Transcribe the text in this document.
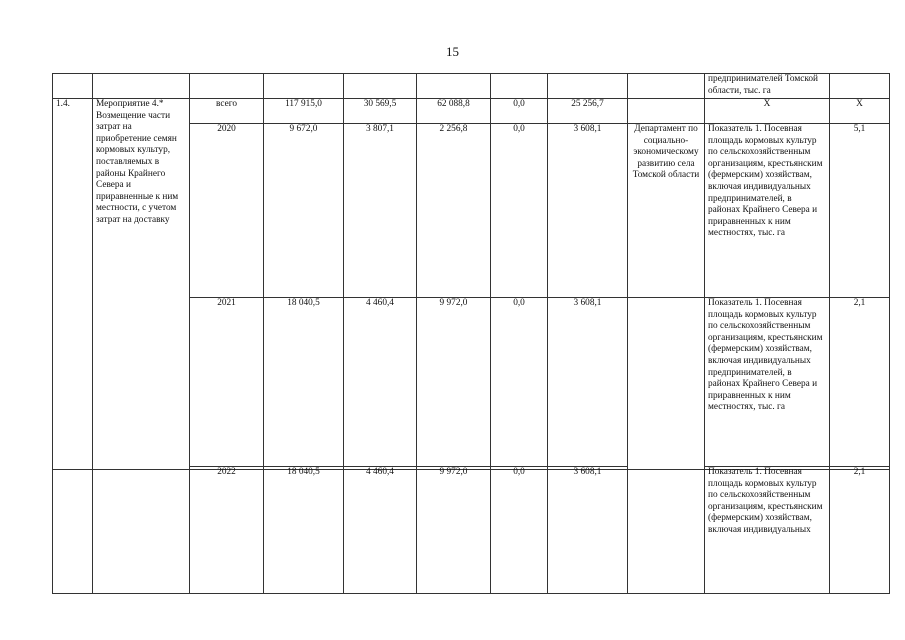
15
									предпринимателей Томской области, тыс. га	
1.4.	Мероприятие 4.* Возмещение части затрат на приобретение семян кормовых культур, поставляемых в районы Крайнего Севера и приравненные к ним местности, с учетом затрат на доставку	всего	117 915,0	30 569,5	62 088,8	0,0	25 256,7		X	X
		2020	9 672,0	3 807,1	2 256,8	0,0	3 608,1	Департамент по социально-экономическому развитию села Томской области	Показатель 1. Посевная площадь кормовых культур по сельскохозяйственным организациям, крестьянским (фермерским) хозяйствам, включая индивидуальных предпринимателей, в районах Крайнего Севера и приравненных к ним местностях, тыс. га	5,1
		2021	18 040,5	4 460,4	9 972,0	0,0	3 608,1		Показатель 1. Посевная площадь кормовых культур по сельскохозяйственным организациям, крестьянским (фермерским) хозяйствам, включая индивидуальных предпринимателей, в районах Крайнего Севера и приравненных к ним местностях, тыс. га	2,1
		2022	18 040,5	4 460,4	9 972,0	0,0	3 608,1		Показатель 1. Посевная площадь кормовых культур по сельскохозяйственным организациям, крестьянским (фермерским) хозяйствам, включая индивидуальных	2,1
